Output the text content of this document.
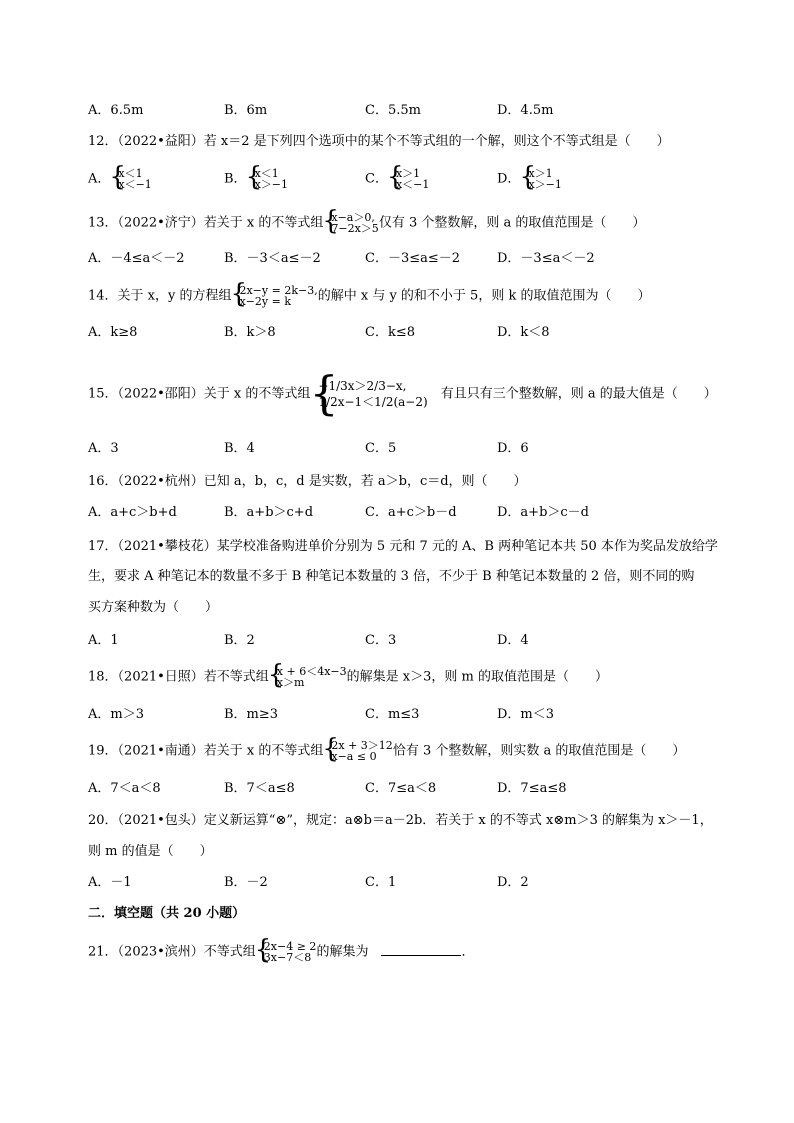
A．6.5m	B．6m	C．5.5m	D．4.5m
12．（2022•益阳）若 x＝2 是下列四个选项中的某个不等式组的一个解，则这个不等式组是（　　）
A． { x＜1
x＜−1	B． { x＜1
x＞−1	C． { x＞1
x＜−1	D． { x＞1
x＞−1
13．（2022•济宁）若关于 x 的不等式组 { x−a＞0,
7−2x＞5 仅有 3 个整数解，则 a 的取值范围是（　　）
A．－4≤a＜－2	B．－3＜a≤－2	C．－3≤a≤－2	D．－3≤a＜－2
14．关于 x，y 的方程组 { 2x−y = 2k−3,
x−2y = k	的解中 x 与 y 的和不小于 5，则 k 的取值范围为（　　）
A．k≥8	B．k＞8	C．k≤8	D．k＜8
15．（2022•邵阳）关于 x 的不等式组
{ −1/3x＞2/3−x,
1/2x−1＜1/2(a−2)
　有且只有三个整数解，则 a 的最大值是（　　）
A．3	B．4	C．5	D．6
16．（2022•杭州）已知 a，b，c，d 是实数，若 a＞b，c＝d，则（　　）
A．a+c＞b+d	B．a+b＞c+d	C．a+c＞b－d	D．a+b＞c－d
17．（2021•攀枝花）某学校准备购进单价分别为 5 元和 7 元的 A、B 两种笔记本共 50 本作为奖品发放给学
生，要求 A 种笔记本的数量不多于 B 种笔记本数量的 3 倍，不少于 B 种笔记本数量的 2 倍，则不同的购
买方案种数为（　　）
A．1	B．2	C．3	D．4
18．（2021•日照）若不等式组 { x + 6＜4x−3
x＞m	的解集是 x＞3，则 m 的取值范围是（　　）
A．m＞3	B．m≥3	C．m≤3	D．m＜3
19．（2021•南通）若关于 x 的不等式组 { 2x + 3＞12
x−a ≤ 0	恰有 3 个整数解，则实数 a 的取值范围是（　　）
A．7＜a＜8	B．7＜a≤8	C．7≤a＜8	D．7≤a≤8
20．（2021•包头）定义新运算“⊗”，规定：a⊗b＝a－2b．若关于 x 的不等式 x⊗m＞3 的解集为 x＞－1，
则 m 的值是（　　）
A．－1	B．－2	C．1	D．2
二．填空题（共 20 小题）
21．（2023•滨州）不等式组 { 2x−4 ≥ 2
3x−7＜8 的解集为　	．
